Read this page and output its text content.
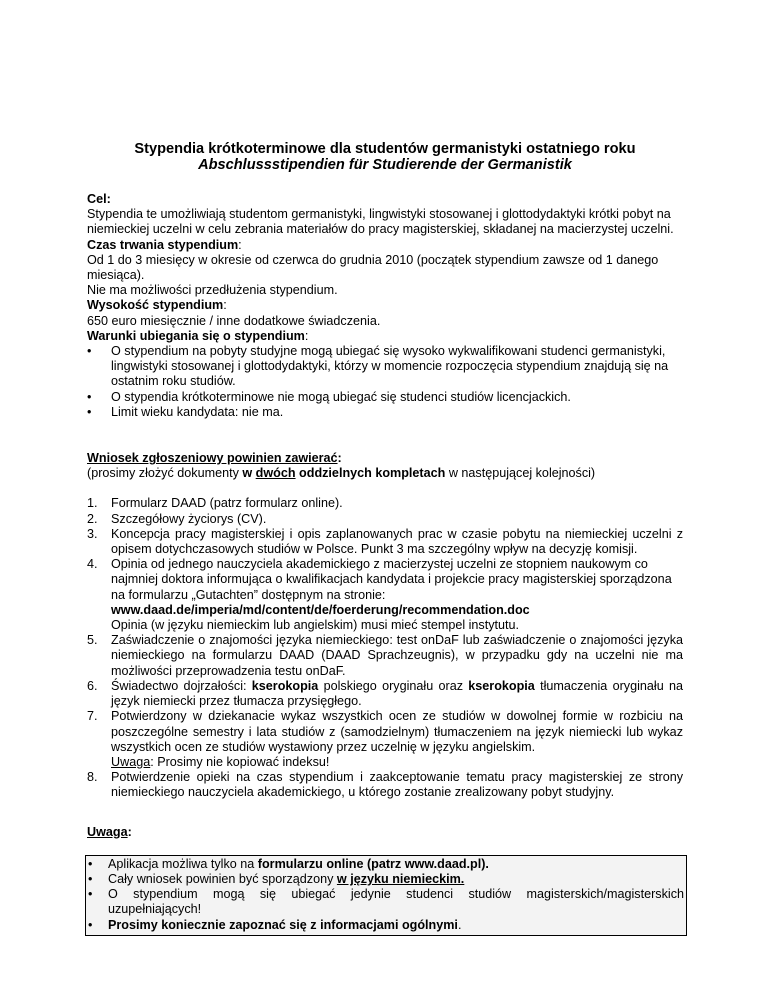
Stypendia krótkoterminowe dla studentów germanistyki ostatniego roku
Abschlussstipendien für Studierende der Germanistik

Cel:

Stypendia te umożliwiają studentom germanistyki, lingwistyki stosowanej i glottodydaktyki krótki pobyt na niemieckiej uczelni w celu zebrania materiałów do pracy magisterskiej, składanej na macierzystej uczelni.

Czas trwania stypendium:

Od 1 do 3 miesięcy w okresie od czerwca do grudnia 2010 (początek stypendium zawsze od 1 danego miesiąca).

Nie ma możliwości przedłużenia stypendium.

Wysokość stypendium:

650 euro miesięcznie / inne dodatkowe świadczenia.

Warunki ubiegania się o stypendium:

• O stypendium na pobyty studyjne mogą ubiegać się wysoko wykwalifikowani studenci germanistyki, lingwistyki stosowanej i glottodydaktyki, którzy w momencie rozpoczęcia stypendium znajdują się na ostatnim roku studiów.
• O stypendia krótkoterminowe nie mogą ubiegać się studenci studiów licencjackich.
• Limit wieku kandydata: nie ma.

Wniosek zgłoszeniowy powinien zawierać:

(prosimy złożyć dokumenty w dwóch oddzielnych kompletach w następującej kolejności)

1. Formularz DAAD (patrz formularz online).
2. Szczegółowy życiorys (CV).
3. Koncepcja pracy magisterskiej i opis zaplanowanych prac w czasie pobytu na niemieckiej uczelni z opisem dotychczasowych studiów w Polsce. Punkt 3 ma szczególny wpływ na decyzję komisji.
4. Opinia od jednego nauczyciela akademickiego z macierzystej uczelni ze stopniem naukowym co najmniej doktora informująca o kwalifikacjach kandydata i projekcie pracy magisterskiej sporządzona na formularzu „Gutachten” dostępnym na stronie:
www.daad.de/imperia/md/content/de/foerderung/recommendation.doc
Opinia (w języku niemieckim lub angielskim) musi mieć stempel instytutu.
5. Zaświadczenie o znajomości języka niemieckiego: test onDaF lub zaświadczenie o znajomości języka niemieckiego na formularzu DAAD (DAAD Sprachzeugnis), w przypadku gdy na uczelni nie ma możliwości przeprowadzenia testu onDaF.
6. Świadectwo dojrzałości: kserokopia polskiego oryginału oraz kserokopia tłumaczenia oryginału na język niemiecki przez tłumacza przysięgłego.
7. Potwierdzony w dziekanacie wykaz wszystkich ocen ze studiów w dowolnej formie w rozbiciu na poszczególne semestry i lata studiów z (samodzielnym) tłumaczeniem na język niemiecki lub wykaz wszystkich ocen ze studiów wystawiony przez uczelnię w języku angielskim.
Uwaga: Prosimy nie kopiować indeksu!
8. Potwierdzenie opieki na czas stypendium i zaakceptowanie tematu pracy magisterskiej ze strony niemieckiego nauczyciela akademickiego, u którego zostanie zrealizowany pobyt studyjny.

Uwaga:

• Aplikacja możliwa tylko na formularzu online (patrz www.daad.pl).
• Cały wniosek powinien być sporządzony w języku niemieckim.
• O stypendium mogą się ubiegać jedynie studenci studiów magisterskich/magisterskich
uzupełniających!
• Prosimy koniecznie zapoznać się z informacjami ogólnymi.
